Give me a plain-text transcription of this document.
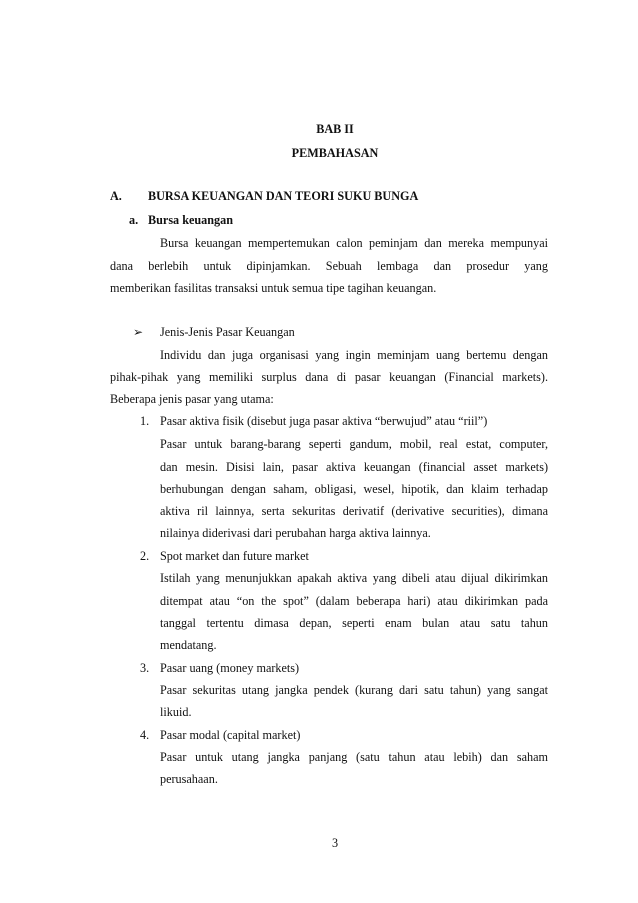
BAB II
PEMBAHASAN
A. BURSA KEUANGAN DAN TEORI SUKU BUNGA
a. Bursa keuangan
Bursa keuangan mempertemukan calon peminjam dan mereka mempunyai
dana berlebih untuk dipinjamkan. Sebuah lembaga dan prosedur yang
memberikan fasilitas transaksi untuk semua tipe tagihan keuangan.
➢ Jenis-Jenis Pasar Keuangan
Individu dan juga organisasi yang ingin meminjam uang bertemu dengan
pihak-pihak yang memiliki surplus dana di pasar keuangan (Financial markets).
Beberapa jenis pasar yang utama:
1. Pasar aktiva fisik (disebut juga pasar aktiva “berwujud” atau “riil”)
Pasar untuk barang-barang seperti gandum, mobil, real estat, computer,
dan mesin. Disisi lain, pasar aktiva keuangan (financial asset markets)
berhubungan dengan saham, obligasi, wesel, hipotik, dan klaim terhadap
aktiva ril lainnya, serta sekuritas derivatif (derivative securities), dimana
nilainya diderivasi dari perubahan harga aktiva lainnya.
2. Spot market dan future market
Istilah yang menunjukkan apakah aktiva yang dibeli atau dijual dikirimkan
ditempat atau “on the spot” (dalam beberapa hari) atau dikirimkan pada
tanggal tertentu dimasa depan, seperti enam bulan atau satu tahun
mendatang.
3. Pasar uang (money markets)
Pasar sekuritas utang jangka pendek (kurang dari satu tahun) yang sangat
likuid.
4. Pasar modal (capital market)
Pasar untuk utang jangka panjang (satu tahun atau lebih) dan saham
perusahaan.
3
